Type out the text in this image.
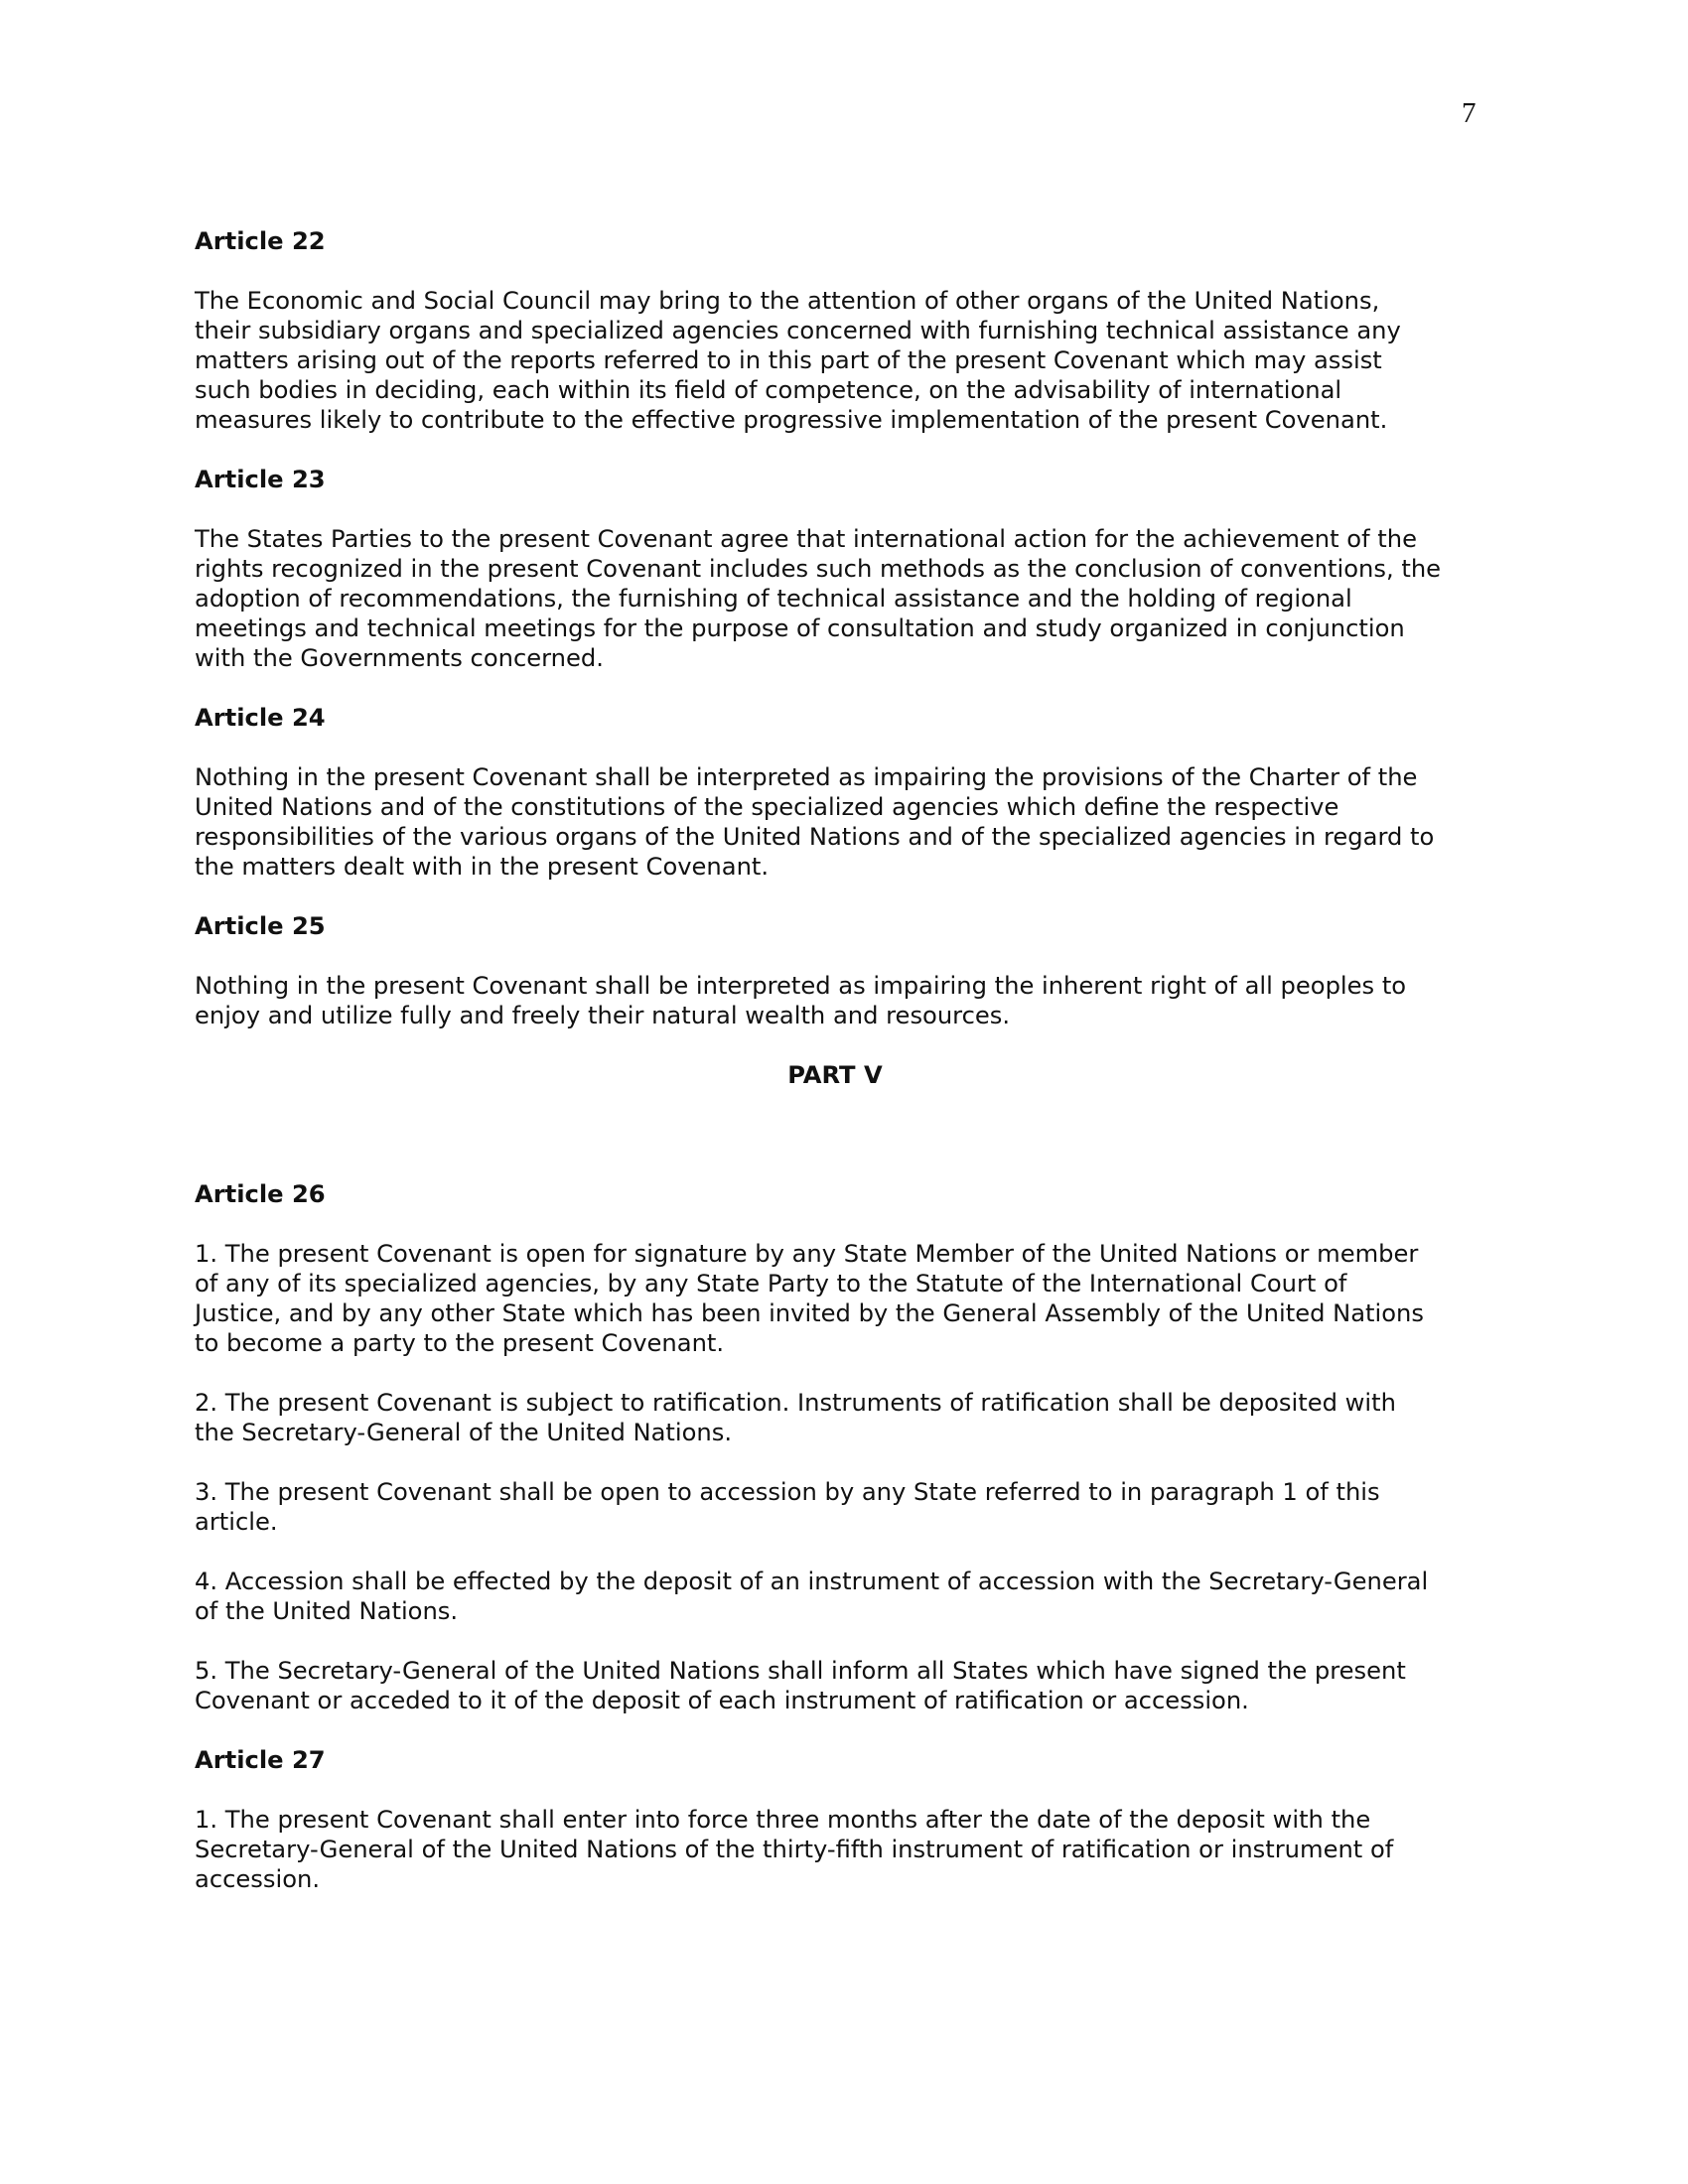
7
Article 22
The Economic and Social Council may bring to the attention of other organs of the United Nations,
their subsidiary organs and specialized agencies concerned with furnishing technical assistance any
matters arising out of the reports referred to in this part of the present Covenant which may assist
such bodies in deciding, each within its field of competence, on the advisability of international
measures likely to contribute to the effective progressive implementation of the present Covenant.
Article 23
The States Parties to the present Covenant agree that international action for the achievement of the
rights recognized in the present Covenant includes such methods as the conclusion of conventions, the
adoption of recommendations, the furnishing of technical assistance and the holding of regional
meetings and technical meetings for the purpose of consultation and study organized in conjunction
with the Governments concerned.
Article 24
Nothing in the present Covenant shall be interpreted as impairing the provisions of the Charter of the
United Nations and of the constitutions of the specialized agencies which define the respective
responsibilities of the various organs of the United Nations and of the specialized agencies in regard to
the matters dealt with in the present Covenant.
Article 25
Nothing in the present Covenant shall be interpreted as impairing the inherent right of all peoples to
enjoy and utilize fully and freely their natural wealth and resources.
PART V
Article 26
1. The present Covenant is open for signature by any State Member of the United Nations or member
of any of its specialized agencies, by any State Party to the Statute of the International Court of
Justice, and by any other State which has been invited by the General Assembly of the United Nations
to become a party to the present Covenant.
2. The present Covenant is subject to ratification. Instruments of ratification shall be deposited with
the Secretary-General of the United Nations.
3. The present Covenant shall be open to accession by any State referred to in paragraph 1 of this
article.
4. Accession shall be effected by the deposit of an instrument of accession with the Secretary-General
of the United Nations.
5. The Secretary-General of the United Nations shall inform all States which have signed the present
Covenant or acceded to it of the deposit of each instrument of ratification or accession.
Article 27
1. The present Covenant shall enter into force three months after the date of the deposit with the
Secretary-General of the United Nations of the thirty-fifth instrument of ratification or instrument of
accession.
